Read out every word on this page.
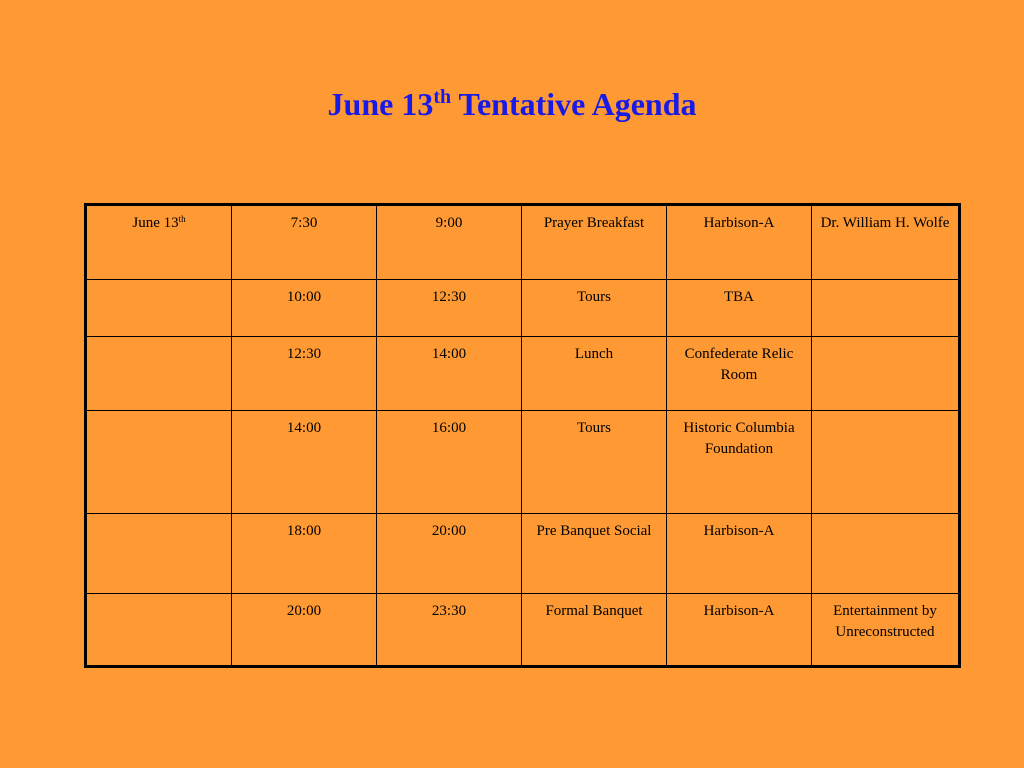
June 13th Tentative Agenda
June 13th	7:30	9:00	Prayer Breakfast	Harbison-A	Dr. William H. Wolfe
	10:00	12:30	Tours	TBA	
	12:30	14:00	Lunch	Confederate Relic Room	
	14:00	16:00	Tours	Historic Columbia Foundation	
	18:00	20:00	Pre Banquet Social	Harbison-A	
	20:00	23:30	Formal Banquet	Harbison-A	Entertainment by Unreconstructed
